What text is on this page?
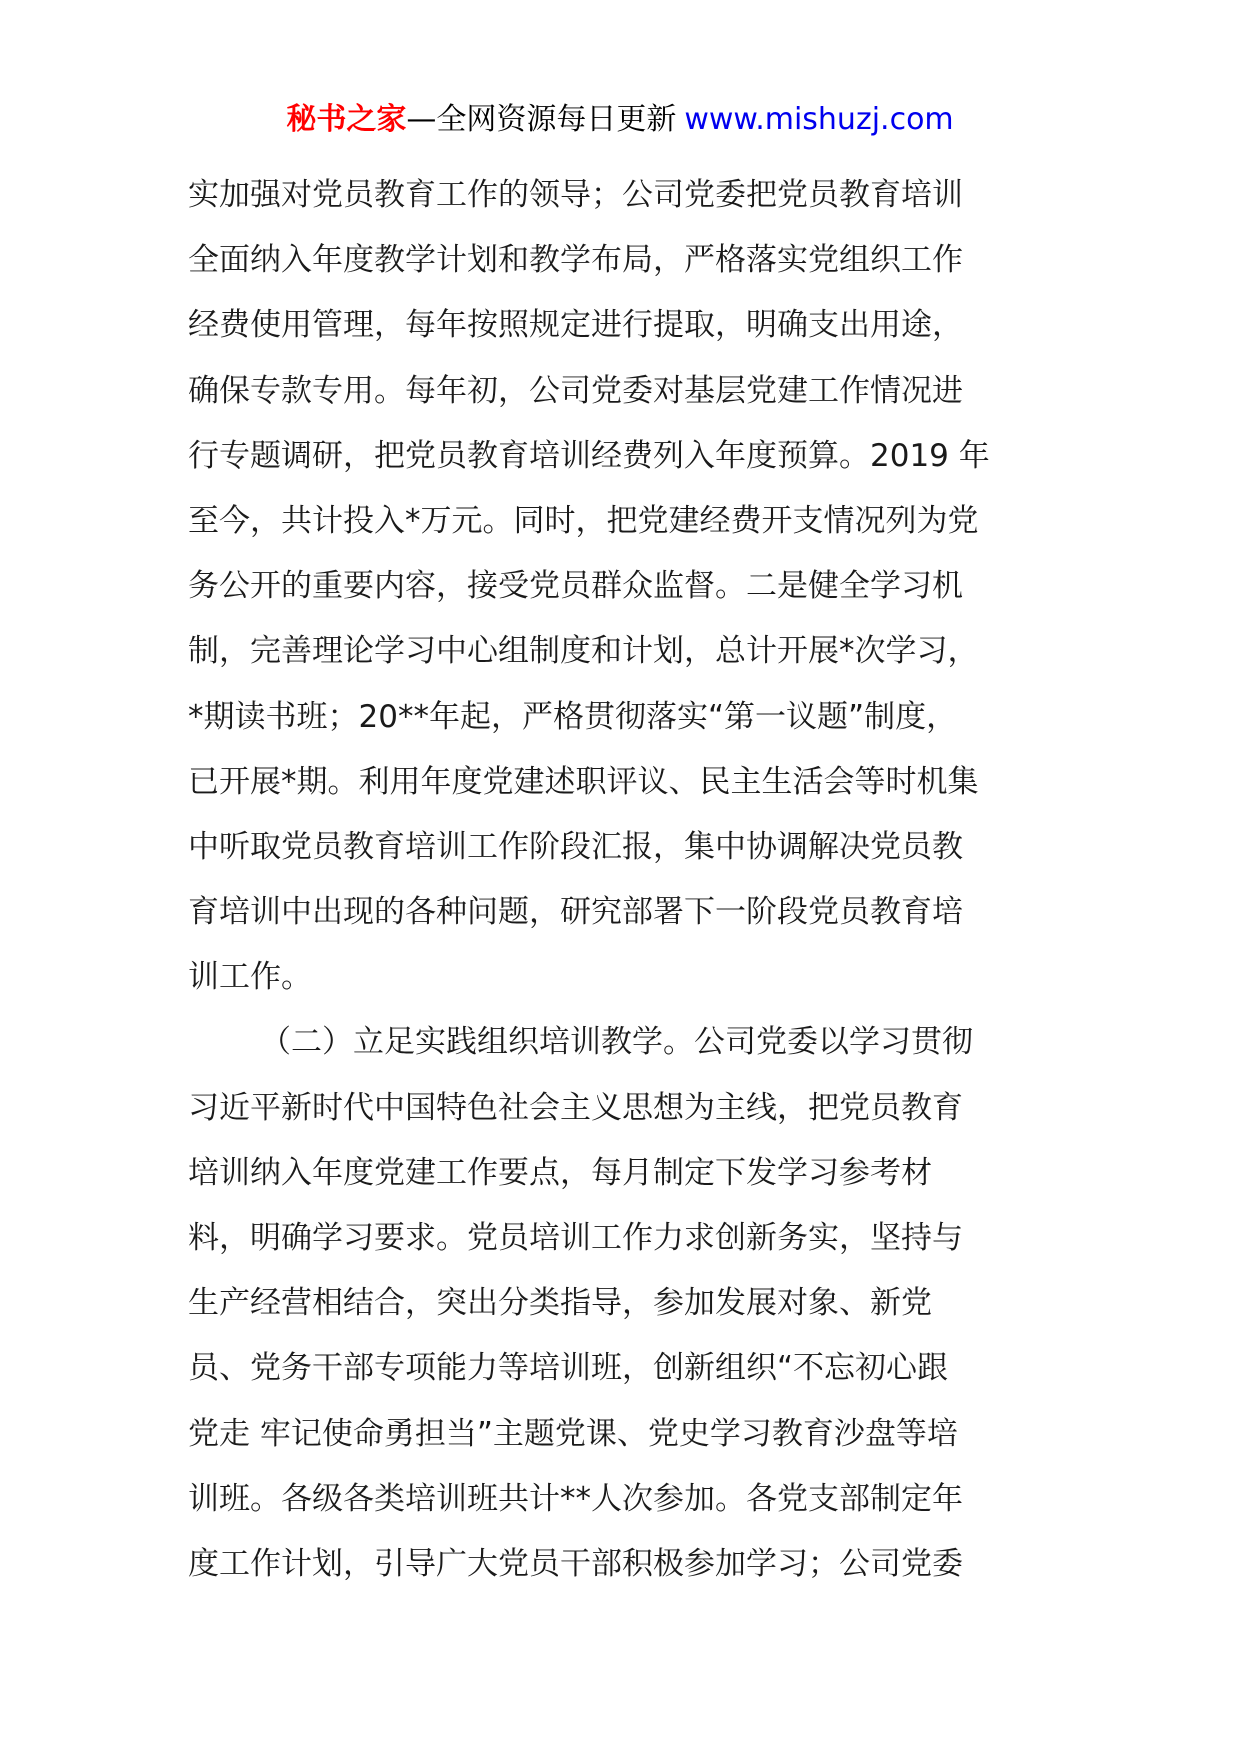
秘书之家—全网资源每日更新 www.mishuzj.com
实加强对党员教育工作的领导；公司党委把党员教育培训
全面纳入年度教学计划和教学布局，严格落实党组织工作
经费使用管理，每年按照规定进行提取，明确支出用途，
确保专款专用。每年初，公司党委对基层党建工作情况进
行专题调研，把党员教育培训经费列入年度预算。2019 年
至今，共计投入*万元。同时，把党建经费开支情况列为党
务公开的重要内容，接受党员群众监督。二是健全学习机
制，完善理论学习中心组制度和计划，总计开展*次学习，
*期读书班；20**年起，严格贯彻落实“第一议题”制度，
已开展*期。利用年度党建述职评议、民主生活会等时机集
中听取党员教育培训工作阶段汇报，集中协调解决党员教
育培训中出现的各种问题，研究部署下一阶段党员教育培
训工作。
（二）立足实践组织培训教学。公司党委以学习贯彻
习近平新时代中国特色社会主义思想为主线，把党员教育
培训纳入年度党建工作要点，每月制定下发学习参考材
料，明确学习要求。党员培训工作力求创新务实，坚持与
生产经营相结合，突出分类指导，参加发展对象、新党
员、党务干部专项能力等培训班，创新组织“不忘初心跟
党走 牢记使命勇担当”主题党课、党史学习教育沙盘等培
训班。各级各类培训班共计**人次参加。各党支部制定年
度工作计划，引导广大党员干部积极参加学习；公司党委
